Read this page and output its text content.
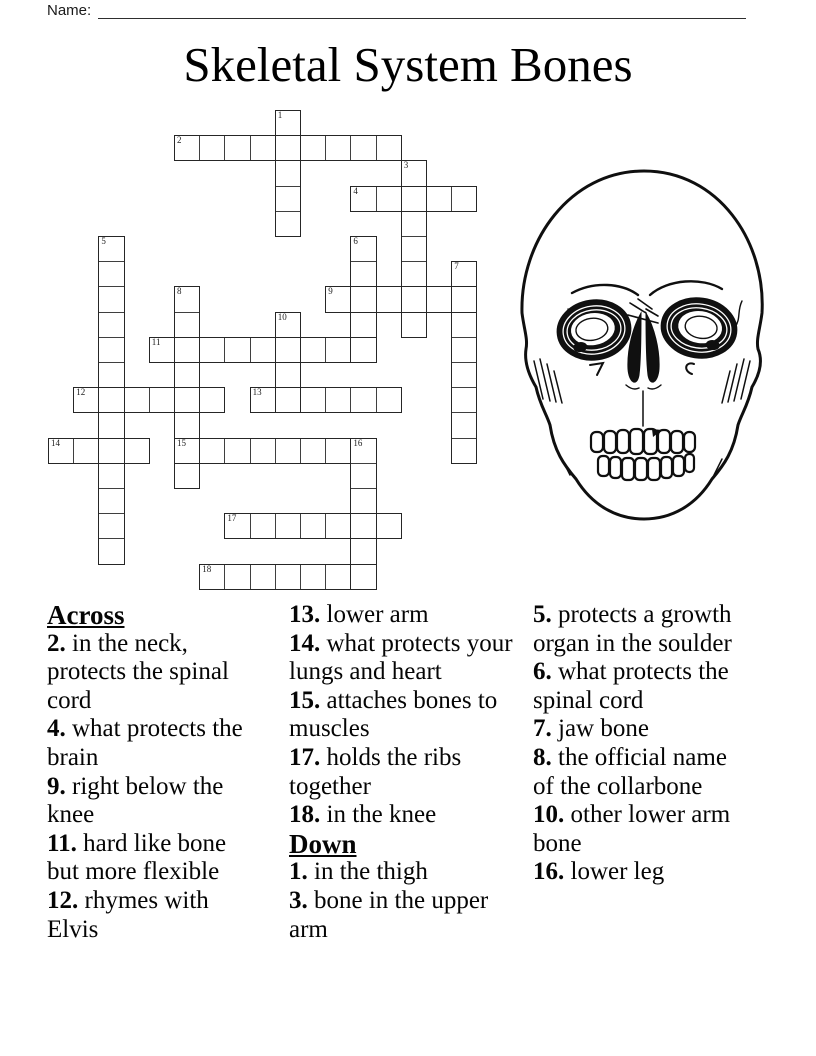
Name:
Skeletal System Bones
1
2
3
4
5	6
7
8
15
9
10
11
12	13
14	16
17
18
Across
2. in the neck, protects the spinal cord
4. what protects the brain
9. right below the knee
11. hard like bone but more flexible
12. rhymes with Elvis
13. lower arm
14. what protects your lungs and heart
15. attaches bones to muscles
17. holds the ribs together
18. in the knee
Down
1. in the thigh
3. bone in the upper arm
5. protects a growth organ in the soulder
6. what protects the spinal cord
7. jaw bone
8. the official name of the collarbone
10. other lower arm bone
16. lower leg
